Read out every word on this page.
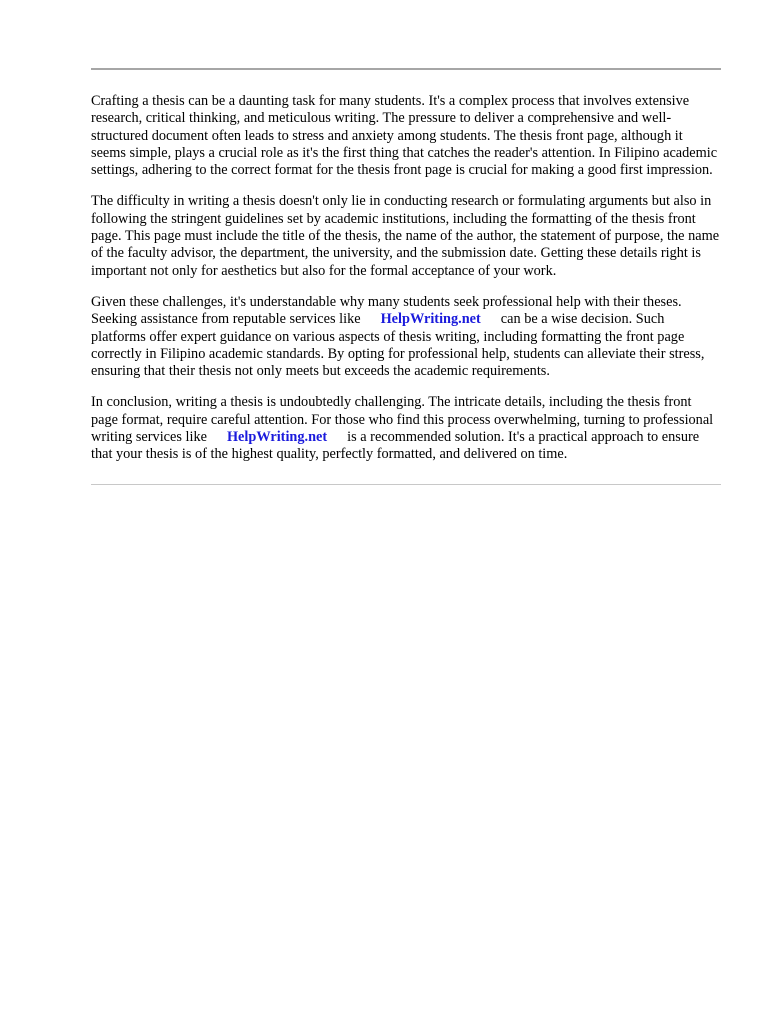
Crafting a thesis can be a daunting task for many students. It's a complex process that involves extensive research, critical thinking, and meticulous writing. The pressure to deliver a comprehensive and well-structured document often leads to stress and anxiety among students. The thesis front page, although it seems simple, plays a crucial role as it's the first thing that catches the reader's attention. In Filipino academic settings, adhering to the correct format for the thesis front page is crucial for making a good first impression.

The difficulty in writing a thesis doesn't only lie in conducting research or formulating arguments but also in following the stringent guidelines set by academic institutions, including the formatting of the thesis front page. This page must include the title of the thesis, the name of the author, the statement of purpose, the name of the faculty advisor, the department, the university, and the submission date. Getting these details right is important not only for aesthetics but also for the formal acceptance of your work.

Given these challenges, it's understandable why many students seek professional help with their theses. Seeking assistance from reputable services like HelpWriting.net can be a wise decision. Such platforms offer expert guidance on various aspects of thesis writing, including formatting the front page correctly in Filipino academic standards. By opting for professional help, students can alleviate their stress, ensuring that their thesis not only meets but exceeds the academic requirements.

In conclusion, writing a thesis is undoubtedly challenging. The intricate details, including the thesis front page format, require careful attention. For those who find this process overwhelming, turning to professional writing services like HelpWriting.net is a recommended solution. It's a practical approach to ensure that your thesis is of the highest quality, perfectly formatted, and delivered on time.
